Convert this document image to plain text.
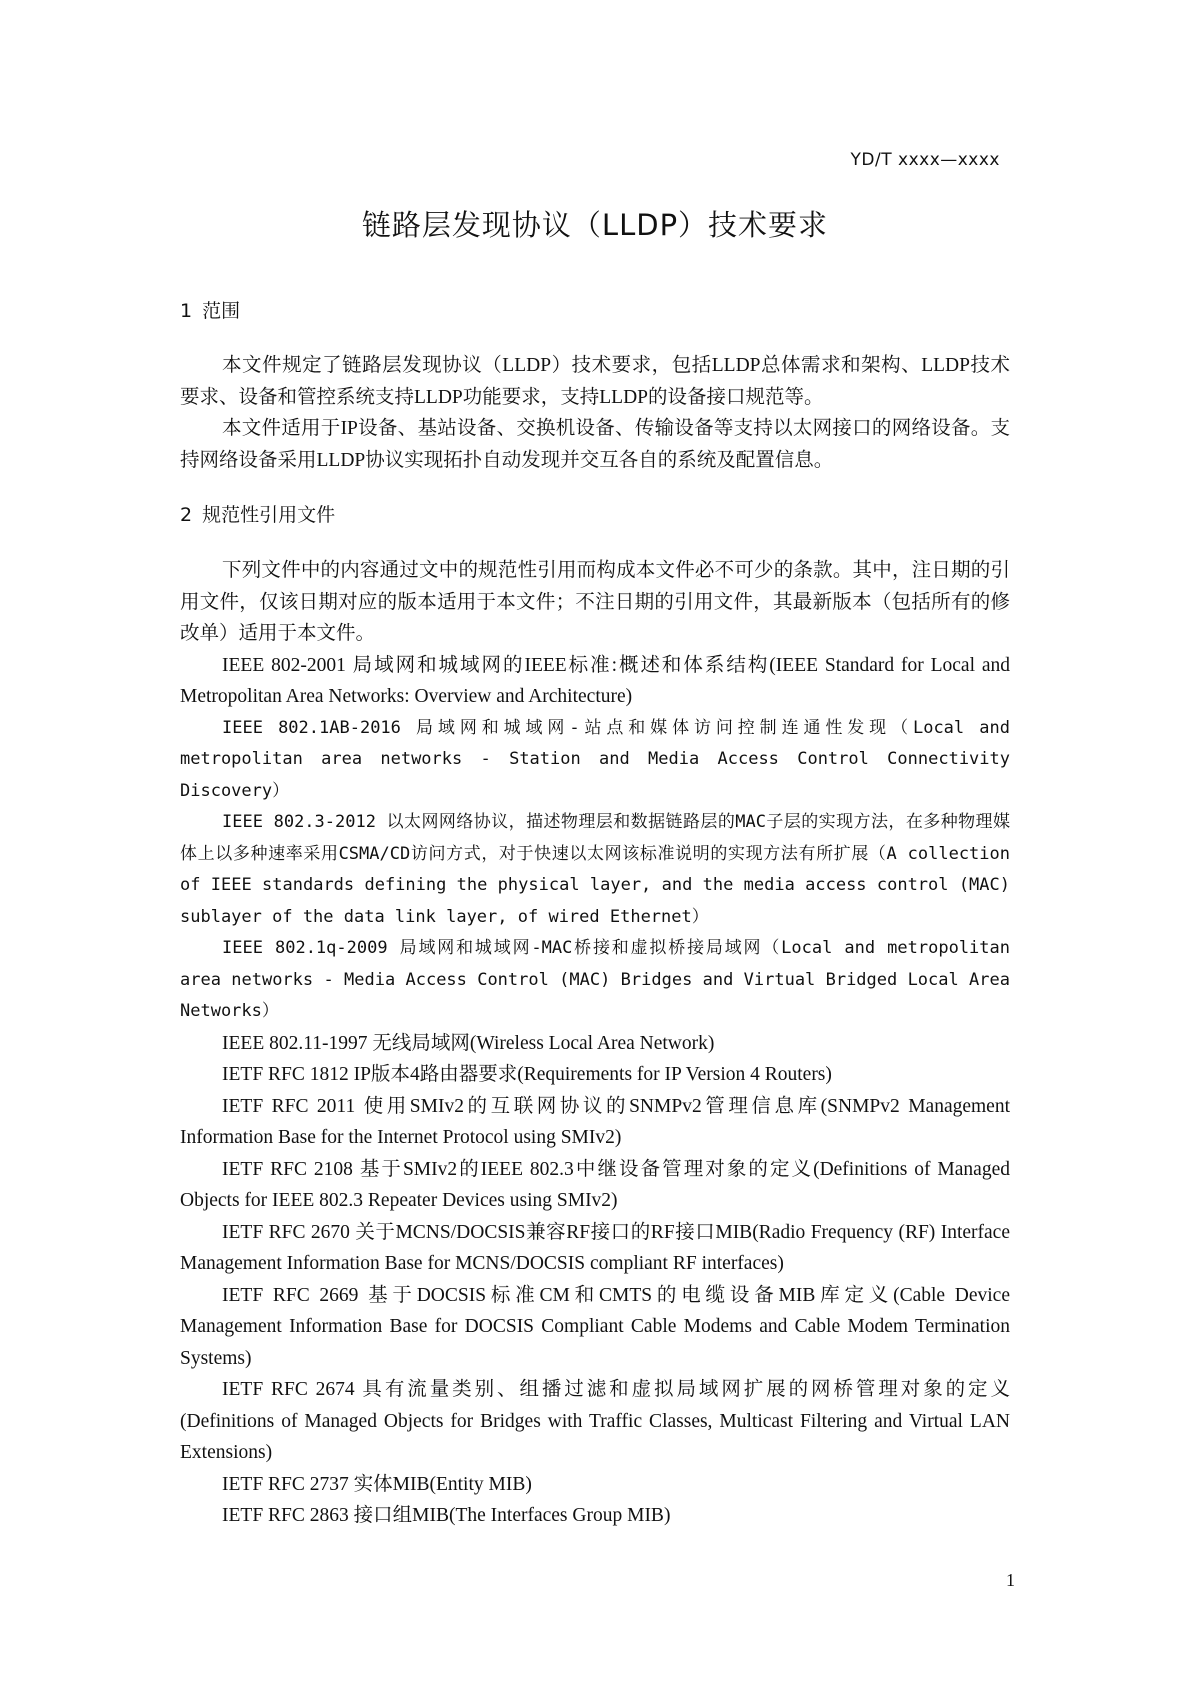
YD/T xxxx—xxxx
链路层发现协议（LLDP）技术要求
1 范围

本文件规定了链路层发现协议（LLDP）技术要求，包括LLDP总体需求和架构、LLDP技术要求、设备和管控系统支持LLDP功能要求，支持LLDP的设备接口规范等。

本文件适用于IP设备、基站设备、交换机设备、传输设备等支持以太网接口的网络设备。支持网络设备采用LLDP协议实现拓扑自动发现并交互各自的系统及配置信息。

2 规范性引用文件

下列文件中的内容通过文中的规范性引用而构成本文件必不可少的条款。其中，注日期的引用文件，仅该日期对应的版本适用于本文件；不注日期的引用文件，其最新版本（包括所有的修改单）适用于本文件。

IEEE 802-2001 局域网和城域网的IEEE标准:概述和体系结构(IEEE Standard for Local and Metropolitan Area Networks: Overview and Architecture)

IEEE 802.1AB-2016 局域网和城域网-站点和媒体访问控制连通性发现（Local and metropolitan area networks - Station and Media Access Control Connectivity Discovery）

IEEE 802.3-2012 以太网网络协议，描述物理层和数据链路层的MAC子层的实现方法，在多种物理媒体上以多种速率采用CSMA/CD访问方式，对于快速以太网该标准说明的实现方法有所扩展（A collection of IEEE standards defining the physical layer, and the media access control (MAC) sublayer of the data link layer, of wired Ethernet）

IEEE 802.1q-2009 局域网和城域网-MAC桥接和虚拟桥接局域网（Local and metropolitan area networks - Media Access Control (MAC) Bridges and Virtual Bridged Local Area Networks）

IEEE 802.11-1997 无线局域网(Wireless Local Area Network)

IETF RFC 1812 IP版本4路由器要求(Requirements for IP Version 4 Routers)

IETF RFC 2011 使用SMIv2的互联网协议的SNMPv2管理信息库(SNMPv2 Management Information Base for the Internet Protocol using SMIv2)

IETF RFC 2108 基于SMIv2的IEEE 802.3中继设备管理对象的定义(Definitions of Managed Objects for IEEE 802.3 Repeater Devices using SMIv2)

IETF RFC 2670 关于MCNS/DOCSIS兼容RF接口的RF接口MIB(Radio Frequency (RF) Interface Management Information Base for MCNS/DOCSIS compliant RF interfaces)

IETF RFC 2669 基于DOCSIS标准CM和CMTS的电缆设备MIB库定义(Cable Device Management Information Base for DOCSIS Compliant Cable Modems and Cable Modem Termination Systems)

IETF RFC 2674 具有流量类别、组播过滤和虚拟局域网扩展的网桥管理对象的定义(Definitions of Managed Objects for Bridges with Traffic Classes, Multicast Filtering and Virtual LAN Extensions)

IETF RFC 2737 实体MIB(Entity MIB)

IETF RFC 2863 接口组MIB(The Interfaces Group MIB)

1
